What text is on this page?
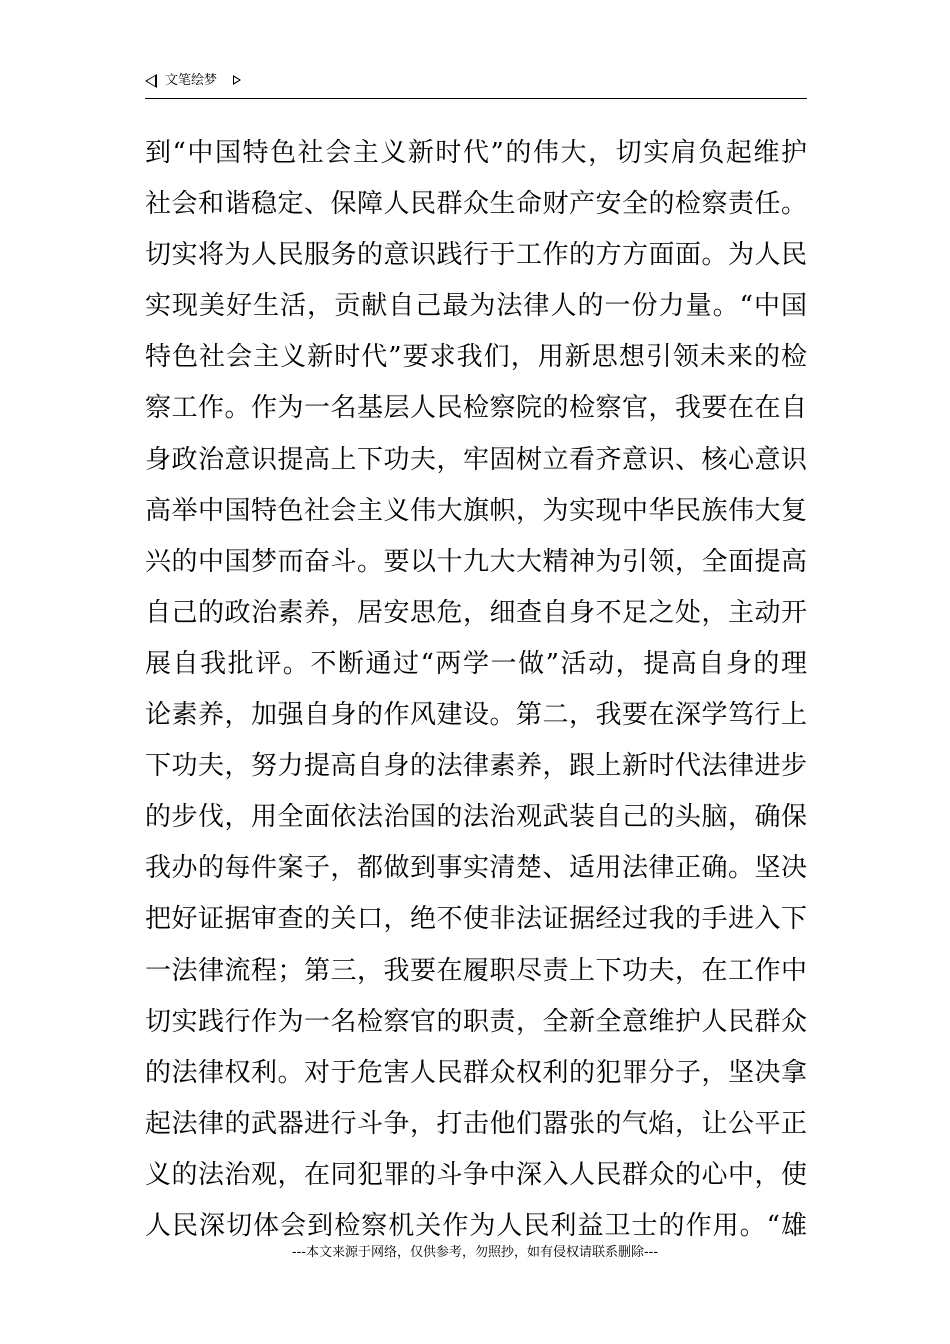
文笔绘梦
到“中国特色社会主义新时代”的伟大，切实肩负起维护
社会和谐稳定、保障人民群众生命财产安全的检察责任。
切实将为人民服务的意识践行于工作的方方面面。为人民
实现美好生活，贡献自己最为法律人的一份力量。“中国
特色社会主义新时代”要求我们，用新思想引领未来的检
察工作。作为一名基层人民检察院的检察官，我要在在自
身政治意识提高上下功夫，牢固树立看齐意识、核心意识
高举中国特色社会主义伟大旗帜，为实现中华民族伟大复
兴的中国梦而奋斗。要以十九大大精神为引领，全面提高
自己的政治素养，居安思危，细查自身不足之处，主动开
展自我批评。不断通过“两学一做”活动，提高自身的理
论素养，加强自身的作风建设。第二，我要在深学笃行上
下功夫，努力提高自身的法律素养，跟上新时代法律进步
的步伐，用全面依法治国的法治观武装自己的头脑，确保
我办的每件案子，都做到事实清楚、适用法律正确。坚决
把好证据审查的关口，绝不使非法证据经过我的手进入下
一法律流程；第三，我要在履职尽责上下功夫，在工作中
切实践行作为一名检察官的职责，全新全意维护人民群众
的法律权利。对于危害人民群众权利的犯罪分子，坚决拿
起法律的武器进行斗争，打击他们嚣张的气焰，让公平正
义的法治观，在同犯罪的斗争中深入人民群众的心中，使
人民深切体会到检察机关作为人民利益卫士的作用。“雄
---本文来源于网络，仅供参考，勿照抄，如有侵权请联系删除---
